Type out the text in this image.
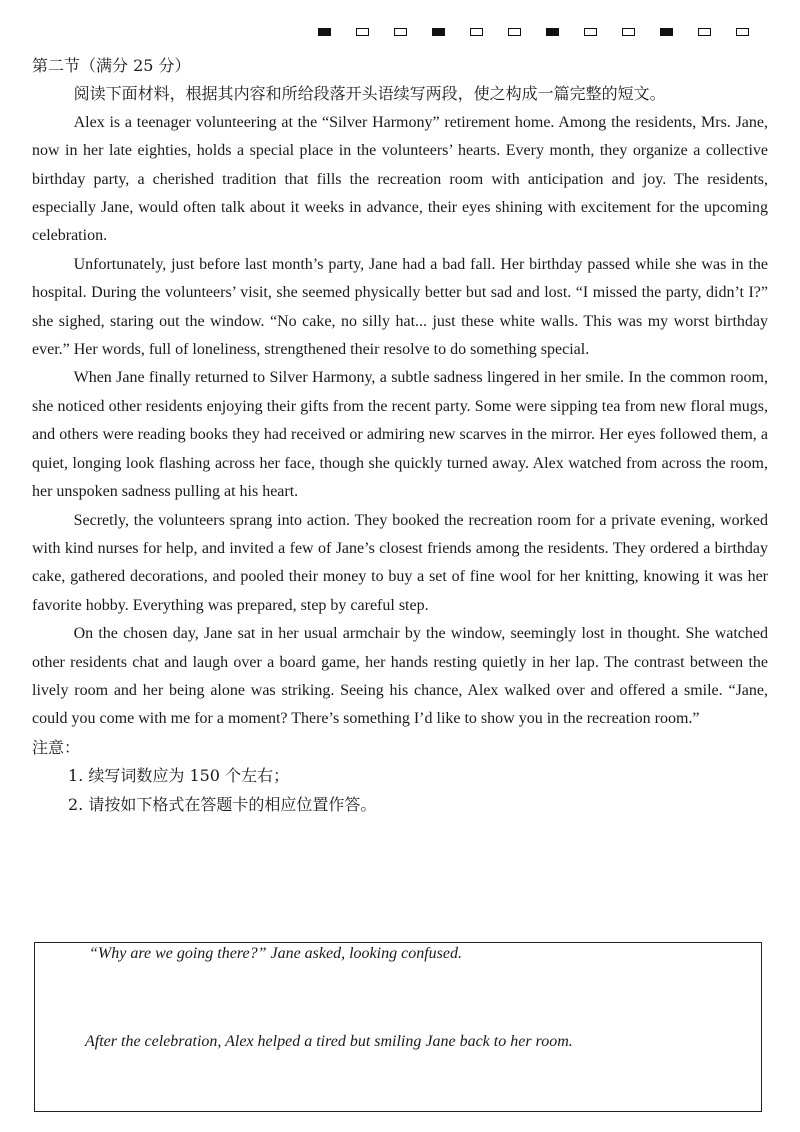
第二节（满分 25 分）

阅读下面材料，根据其内容和所给段落开头语续写两段，使之构成一篇完整的短文。

Alex is a teenager volunteering at the “Silver Harmony” retirement home. Among the residents, Mrs. Jane, now in her late eighties, holds a special place in the volunteers’ hearts. Every month, they organize a collective birthday party, a cherished tradition that fills the recreation room with anticipation and joy. The residents, especially Jane, would often talk about it weeks in advance, their eyes shining with excitement for the upcoming celebration.

Unfortunately, just before last month’s party, Jane had a bad fall. Her birthday passed while she was in the hospital. During the volunteers’ visit, she seemed physically better but sad and lost. “I missed the party, didn’t I?” she sighed, staring out the window. “No cake, no silly hat... just these white walls. This was my worst birthday ever.” Her words, full of loneliness, strengthened their resolve to do something special.

When Jane finally returned to Silver Harmony, a subtle sadness lingered in her smile. In the common room, she noticed other residents enjoying their gifts from the recent party. Some were sipping tea from new floral mugs, and others were reading books they had received or admiring new scarves in the mirror. Her eyes followed them, a quiet, longing look flashing across her face, though she quickly turned away. Alex watched from across the room, her unspoken sadness pulling at his heart.

Secretly, the volunteers sprang into action. They booked the recreation room for a private evening, worked with kind nurses for help, and invited a few of Jane’s closest friends among the residents. They ordered a birthday cake, gathered decorations, and pooled their money to buy a set of fine wool for her knitting, knowing it was her favorite hobby. Everything was prepared, step by careful step.

On the chosen day, Jane sat in her usual armchair by the window, seemingly lost in thought. She watched other residents chat and laugh over a board game, her hands resting quietly in her lap. The contrast between the lively room and her being alone was striking. Seeing his chance, Alex walked over and offered a smile. “Jane, could you come with me for a moment? There’s something I’d like to show you in the recreation room.”

注意：

1. 续写词数应为 150 个左右；

2. 请按如下格式在答题卡的相应位置作答。

“Why are we going there?” Jane asked, looking confused.

After the celebration, Alex helped a tired but smiling Jane back to her room.
